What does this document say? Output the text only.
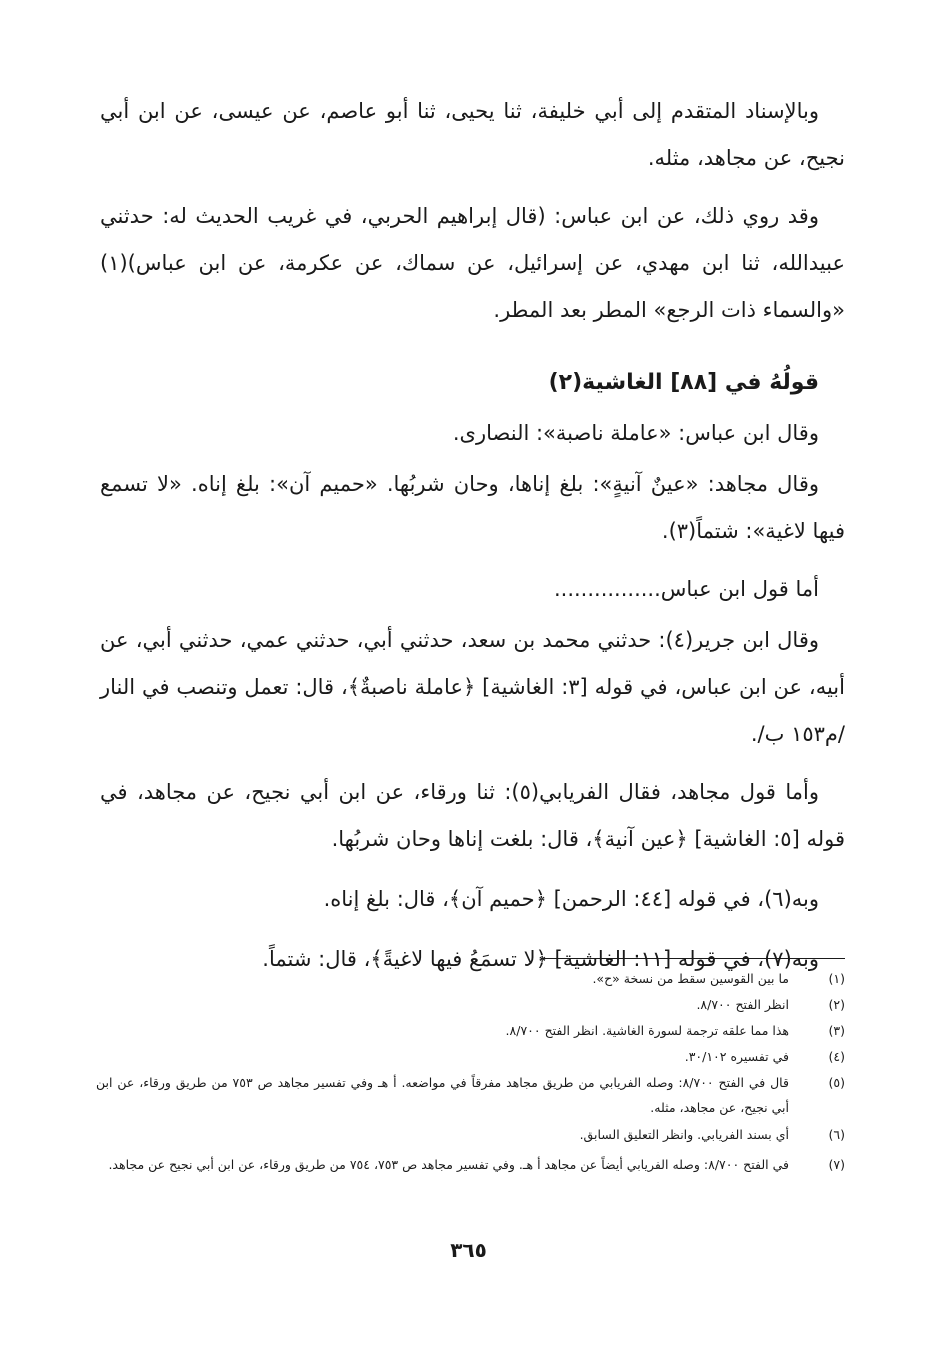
وبالإسناد المتقدم إلى أبي خليفة، ثنا يحيى، ثنا أبو عاصم، عن عيسى، عن ابن أبي نجيح، عن مجاهد، مثله.

وقد روي ذلك، عن ابن عباس: (قال إبراهيم الحربي، في غريب الحديث له: حدثني عبيدالله، ثنا ابن مهدي، عن إسرائيل، عن سماك، عن عكرمة، عن ابن عباس)(١) «والسماء ذات الرجع» المطر بعد المطر.

قولُهُ في [٨٨] الغاشية(٢)

وقال ابن عباس: «عاملة ناصبة»: النصارى.

وقال مجاهد: «عينٌ آنيةٍ»: بلغ إناها، وحان شربُها. «حميم آن»: بلغ إناه. «لا تسمع فيها لاغية»: شتماً(٣).

أما قول ابن عباس................

وقال ابن جرير(٤): حدثني محمد بن سعد، حدثني أبي، حدثني عمي، حدثني أبي، عن أبيه، عن ابن عباس، في قوله [٣: الغاشية] ﴿عاملة ناصبةٌ﴾، قال: تعمل وتنصب في النار /م١٥٣ ب/.

وأما قول مجاهد، فقال الفريابي(٥): ثنا ورقاء، عن ابن أبي نجيح، عن مجاهد، في قوله [٥: الغاشية] ﴿عين آنية﴾، قال: بلغت إناها وحان شربُها.

وبه(٦)، في قوله [٤٤: الرحمن] ﴿حميم آن﴾، قال: بلغ إناه.

وبه(٧)، في قوله [١١: الغاشية] ﴿لا تسمَعُ فيها لاغيةً﴾، قال: شتماً.

(١)
ما بين القوسين سقط من نسخة «ح».
(٢)
انظر الفتح ٨/٧٠٠.
(٣)
هذا مما علقه ترجمة لسورة الغاشية. انظر الفتح ٨/٧٠٠.
(٤)
في تفسيره ٣٠/١٠٢.
(٥)
قال في الفتح ٨/٧٠٠: وصله الفريابي من طريق مجاهد مفرقاً في مواضعه. أ هـ وفي تفسير مجاهد ص ٧٥٣ من طريق ورقاء، عن ابن أبي نجيح، عن مجاهد، مثله.
(٦)
أي بسند الفريابي. وانظر التعليق السابق.
(٧)
في الفتح ٨/٧٠٠: وصله الفريابي أيضاً عن مجاهد أ هـ. وفي تفسير مجاهد ص ٧٥٣، ٧٥٤ من طريق ورقاء، عن ابن أبي نجيح عن مجاهد.
٣٦٥
